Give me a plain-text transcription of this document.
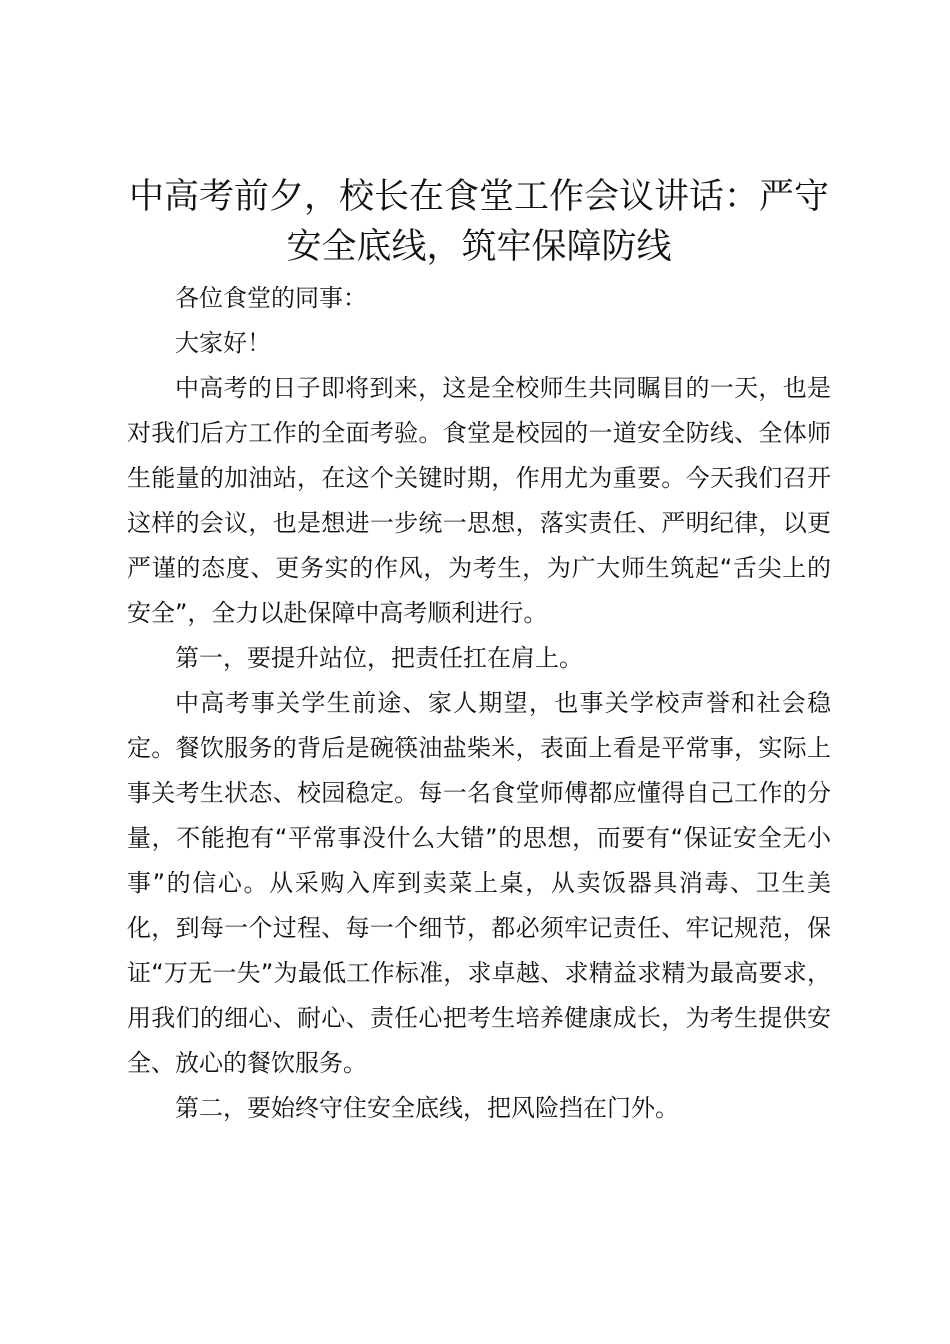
中高考前夕，校长在食堂工作会议讲话：严守
安全底线，筑牢保障防线

各位食堂的同事：

大家好！

中高考的日子即将到来，这是全校师生共同瞩目的一天，也是对我们后方工作的全面考验。食堂是校园的一道安全防线、全体师生能量的加油站，在这个关键时期，作用尤为重要。今天我们召开这样的会议，也是想进一步统一思想，落实责任、严明纪律，以更严谨的态度、更务实的作风，为考生，为广大师生筑起“舌尖上的安全”，全力以赴保障中高考顺利进行。

第一，要提升站位，把责任扛在肩上。

中高考事关学生前途、家人期望，也事关学校声誉和社会稳定。餐饮服务的背后是碗筷油盐柴米，表面上看是平常事，实际上事关考生状态、校园稳定。每一名食堂师傅都应懂得自己工作的分量，不能抱有“平常事没什么大错”的思想，而要有“保证安全无小事”的信心。从采购入库到卖菜上桌，从卖饭器具消毒、卫生美化，到每一个过程、每一个细节，都必须牢记责任、牢记规范，保证“万无一失”为最低工作标准，求卓越、求精益求精为最高要求，用我们的细心、耐心、责任心把考生培养健康成长，为考生提供安全、放心的餐饮服务。

第二，要始终守住安全底线，把风险挡在门外。
